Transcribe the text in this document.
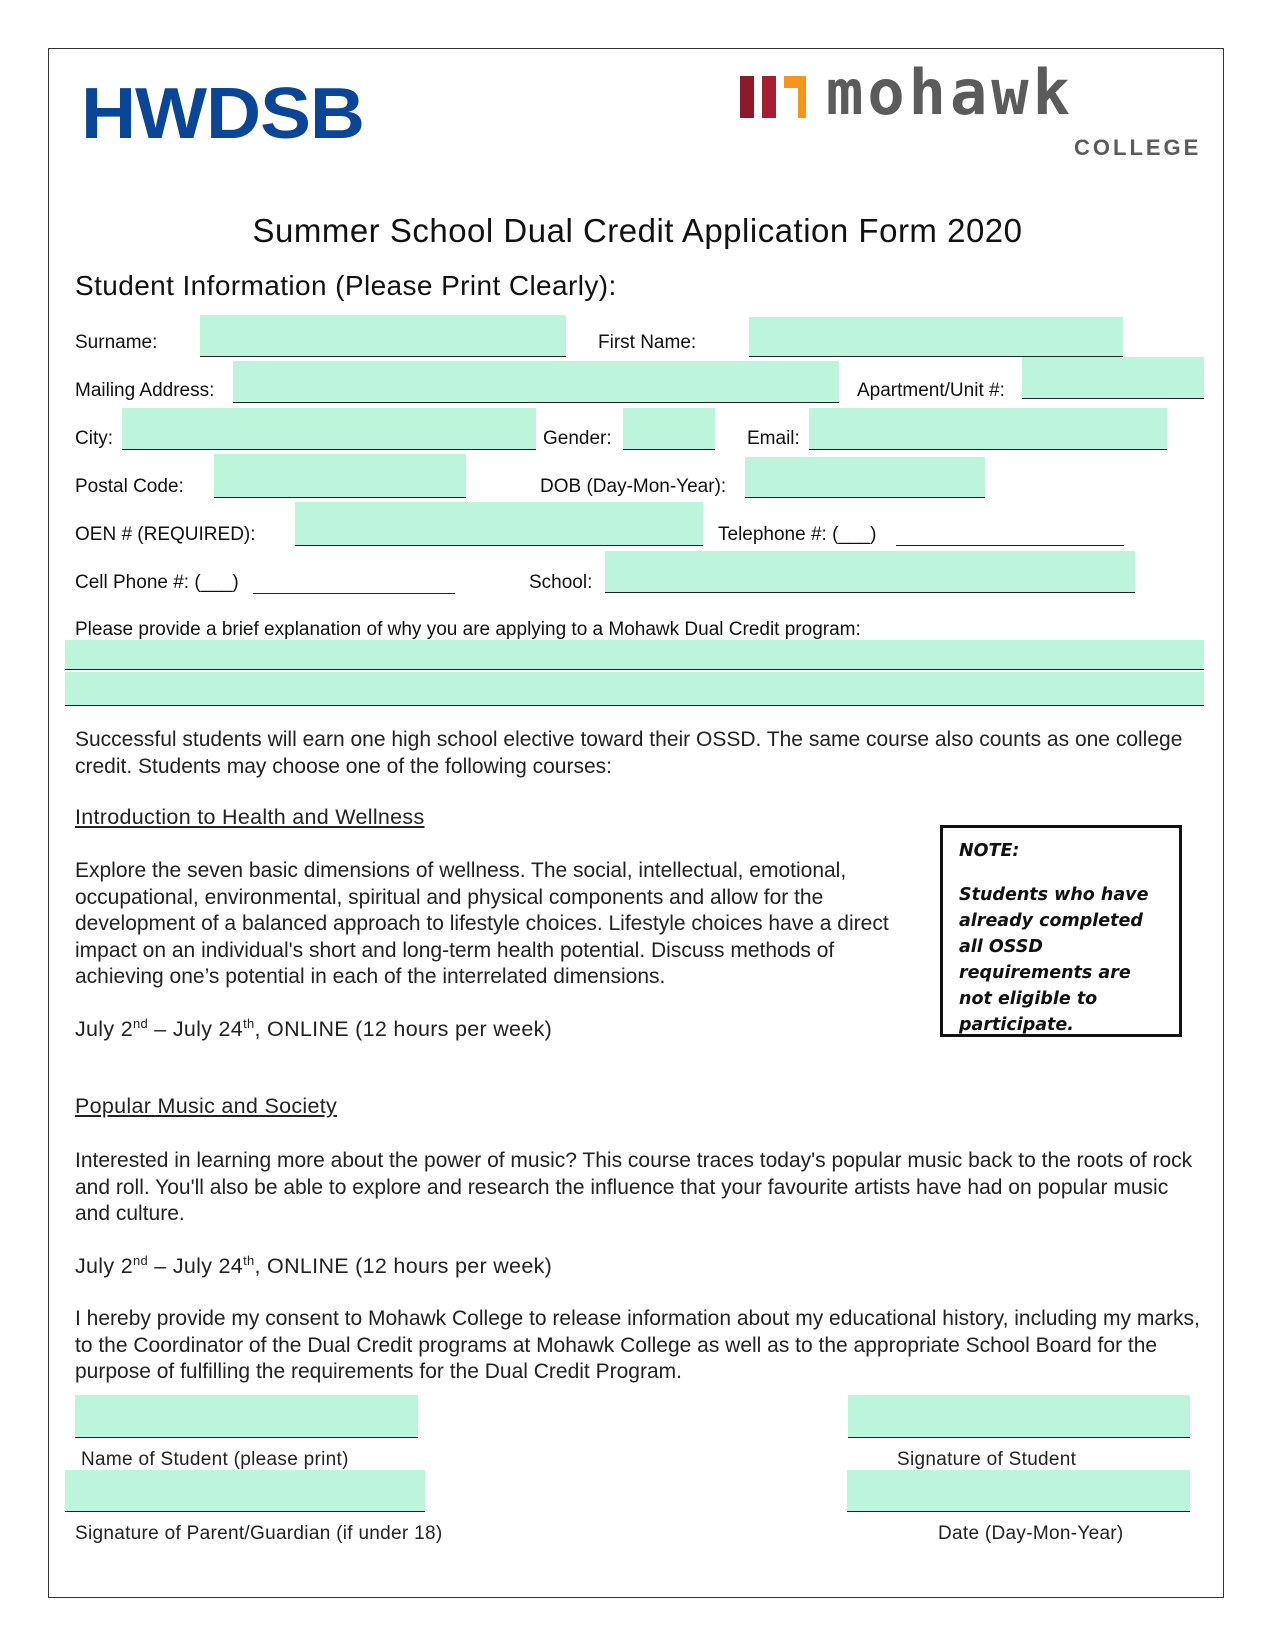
HWDSB	mohawk
COLLEGE
Summer School Dual Credit Application Form 2020
Student Information (Please Print Clearly):
Surname:	First Name:
Mailing Address:	Apartment/Unit #:
City:	Gender:	Email:
Postal Code:	DOB (Day-Mon-Year):
OEN # (REQUIRED):	Telephone #: (___)
Cell Phone #: (___)	School:
Please provide a brief explanation of why you are applying to a Mohawk Dual Credit program:
Successful students will earn one high school elective toward their OSSD. The same course also counts as one college credit. Students may choose one of the following courses:
Introduction to Health and Wellness
Explore the seven basic dimensions of wellness. The social, intellectual, emotional, occupational, environmental, spiritual and physical components and allow for the development of a balanced approach to lifestyle choices. Lifestyle choices have a direct impact on an individual's short and long-term health potential. Discuss methods of achieving one’s potential in each of the interrelated dimensions.
July 2nd – July 24th, ONLINE (12 hours per week)
NOTE:
Students who have already completed all OSSD requirements are not eligible to participate.
Popular Music and Society
Interested in learning more about the power of music? This course traces today's popular music back to the roots of rock and roll. You'll also be able to explore and research the influence that your favourite artists have had on popular music and culture.
July 2nd – July 24th, ONLINE (12 hours per week)
I hereby provide my consent to Mohawk College to release information about my educational history, including my marks, to the Coordinator of the Dual Credit programs at Mohawk College as well as to the appropriate School Board for the purpose of fulfilling the requirements for the Dual Credit Program.
Name of Student (please print)	Signature of Student
Signature of Parent/Guardian (if under 18)	Date (Day-Mon-Year)
